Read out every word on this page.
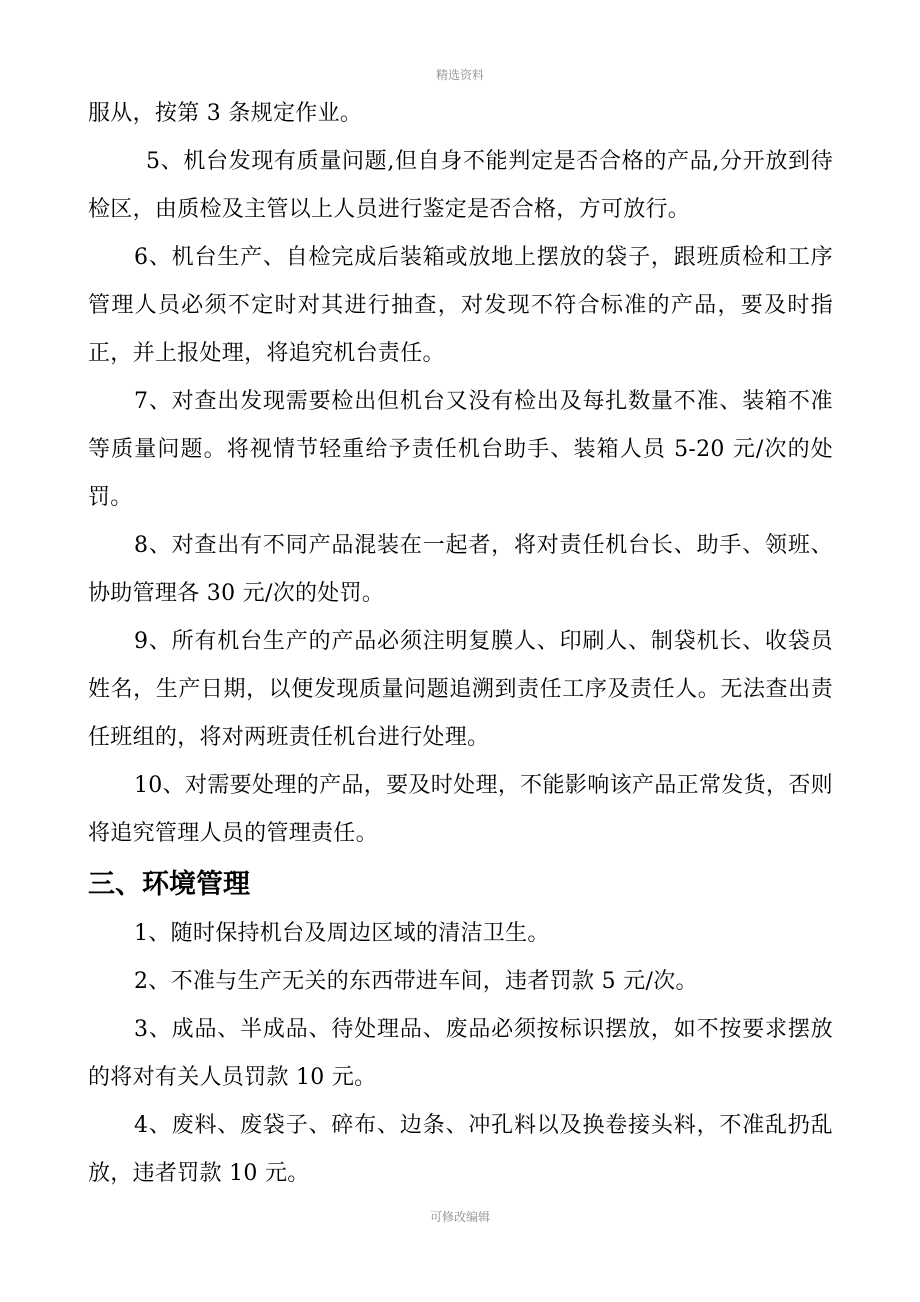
精选资料

服从，按第 3 条规定作业。

5、机台发现有质量问题,但自身不能判定是否合格的产品,分开放到待检区，由质检及主管以上人员进行鉴定是否合格，方可放行。

6、机台生产、自检完成后装箱或放地上摆放的袋子，跟班质检和工序管理人员必须不定时对其进行抽查，对发现不符合标准的产品，要及时指正，并上报处理，将追究机台责任。

7、对查出发现需要检出但机台又没有检出及每扎数量不准、装箱不准等质量问题。将视情节轻重给予责任机台助手、装箱人员 5-20 元/次的处罚。

8、对查出有不同产品混装在一起者，将对责任机台长、助手、领班、协助管理各 30 元/次的处罚。

9、所有机台生产的产品必须注明复膜人、印刷人、制袋机长、收袋员姓名，生产日期，以便发现质量问题追溯到责任工序及责任人。无法查出责任班组的，将对两班责任机台进行处理。

10、对需要处理的产品，要及时处理，不能影响该产品正常发货，否则将追究管理人员的管理责任。

三、环境管理

1、随时保持机台及周边区域的清洁卫生。

2、不准与生产无关的东西带进车间，违者罚款 5 元/次。

3、成品、半成品、待处理品、废品必须按标识摆放，如不按要求摆放的将对有关人员罚款 10 元。

4、废料、废袋子、碎布、边条、冲孔料以及换卷接头料，不准乱扔乱放，违者罚款 10 元。

可修改编辑
